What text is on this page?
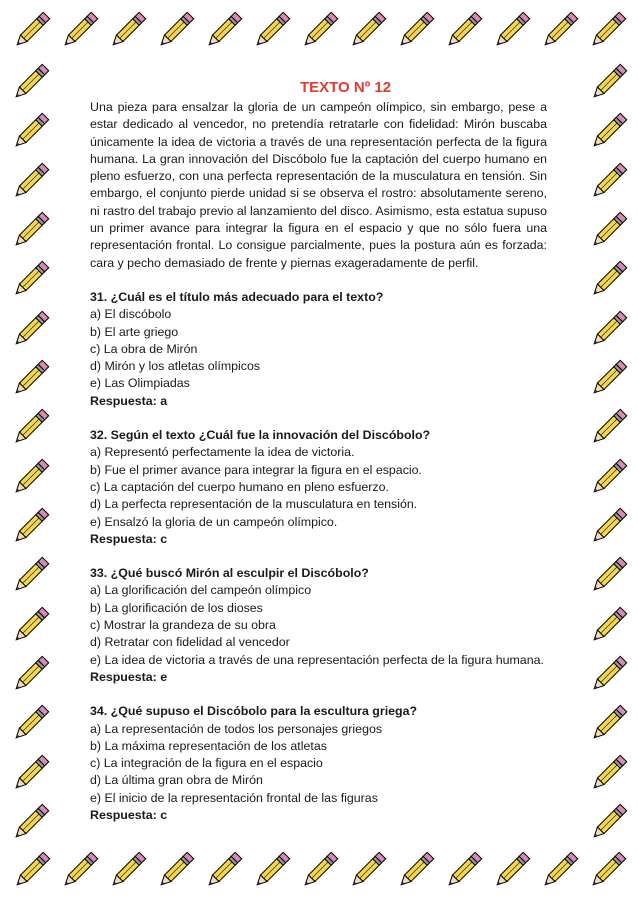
TEXTO Nº 12

Una pieza para ensalzar la gloria de un campeón olímpico, sin embargo, pese a estar dedicado al vencedor, no pretendía retratarle con fidelidad: Mirón buscaba únicamente la idea de victoria a través de una representación perfecta de la figura humana. La gran innovación del Discóbolo fue la captación del cuerpo humano en pleno esfuerzo, con una perfecta representación de la musculatura en tensión. Sin embargo, el conjunto pierde unidad si se observa el rostro: absolutamente sereno, ni rastro del trabajo previo al lanzamiento del disco. Asimismo, esta estatua supuso un primer avance para integrar la figura en el espacio y que no sólo fuera una representación frontal. Lo consigue parcialmente, pues la postura aún es forzada: cara y pecho demasiado de frente y piernas exageradamente de perfil.

31. ¿Cuál es el título más adecuado para el texto?
a) El discóbolo
b) El arte griego
c) La obra de Mirón
d) Mirón y los atletas olímpicos
e) Las Olimpiadas
Respuesta: a
32. Según el texto ¿Cuál fue la innovación del Discóbolo?
a) Representó perfectamente la idea de victoria.
b) Fue el primer avance para integrar la figura en el espacio.
c) La captación del cuerpo humano en pleno esfuerzo.
d) La perfecta representación de la musculatura en tensión.
e) Ensalzó la gloria de un campeón olímpico.
Respuesta: c
33. ¿Qué buscó Mirón al esculpir el Discóbolo?
a) La glorificación del campeón olímpico
b) La glorificación de los dioses
c) Mostrar la grandeza de su obra
d) Retratar con fidelidad al vencedor
e) La idea de victoria a través de una representación perfecta de la figura humana.
Respuesta: e
34. ¿Qué supuso el Discóbolo para la escultura griega?
a) La representación de todos los personajes griegos
b) La máxima representación de los atletas
c) La integración de la figura en el espacio
d) La última gran obra de Mirón
e) El inicio de la representación frontal de las figuras
Respuesta: c
